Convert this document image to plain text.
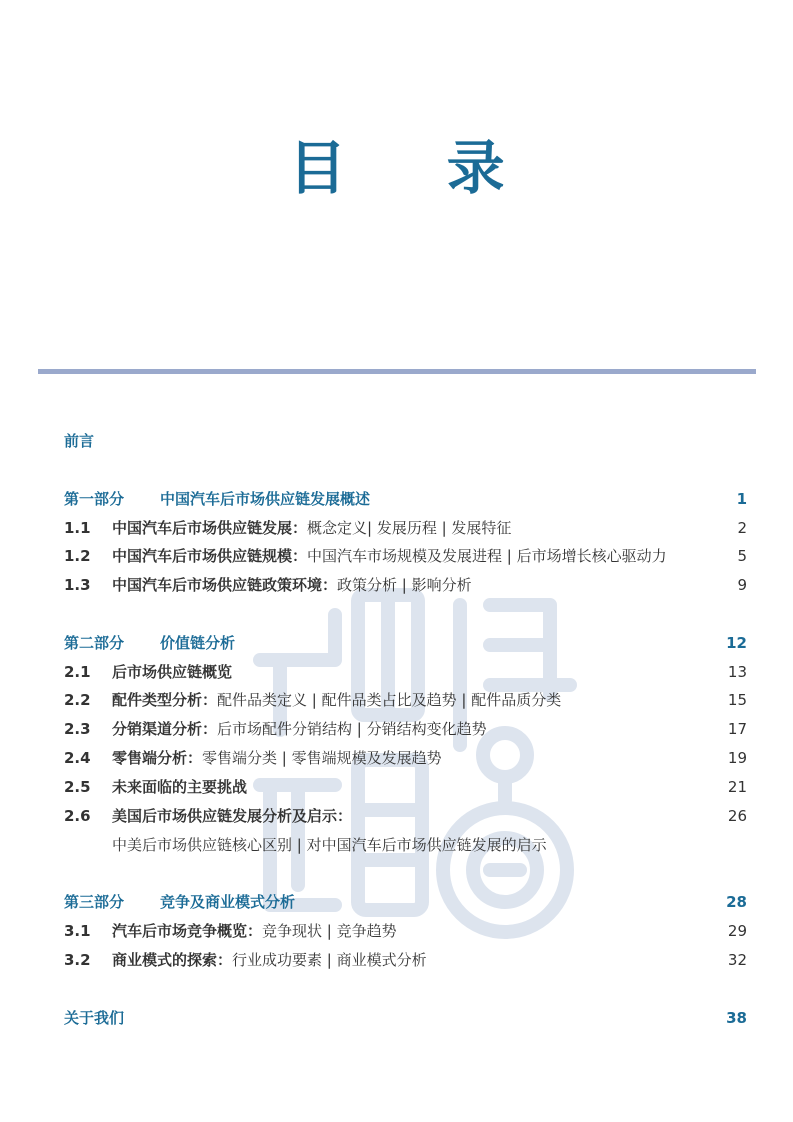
目 录
前言
第一部分 中国汽车后市场供应链发展概述	1
1.1 中国汽车后市场供应链发展：概念定义| 发展历程 | 发展特征	2
1.2 中国汽车后市场供应链规模：中国汽车市场规模及发展进程 | 后市场增长核心驱动力	5
1.3 中国汽车后市场供应链政策环境：政策分析 | 影响分析	9
第二部分 价值链分析	12
2.1 后市场供应链概览	13
2.2 配件类型分析：配件品类定义 | 配件品类占比及趋势 | 配件品质分类	15
2.3 分销渠道分析：后市场配件分销结构 | 分销结构变化趋势	17
2.4 零售端分析：零售端分类 | 零售端规模及发展趋势	19
2.5 未来面临的主要挑战	21
2.6 美国后市场供应链发展分析及启示：	26
中美后市场供应链核心区别 | 对中国汽车后市场供应链发展的启示
第三部分 竞争及商业模式分析	28
3.1 汽车后市场竞争概览：竞争现状 | 竞争趋势	29
3.2 商业模式的探索：行业成功要素 | 商业模式分析	32
关于我们	38
